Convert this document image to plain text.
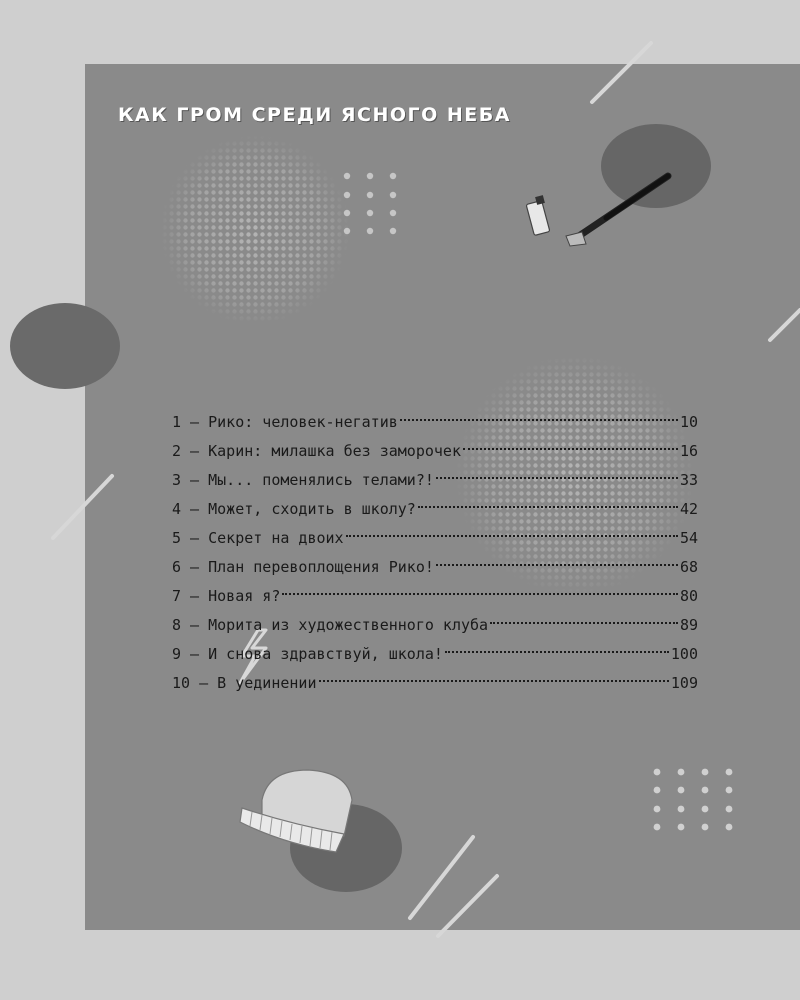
КАК ГРОМ СРЕДИ ЯСНОГО НЕБА
1 – Рико: человек-негатив	10
2 – Карин: милашка без заморочек	16
3 – Мы... поменялись телами?!	33
4 – Может, сходить в школу?	42
5 – Секрет на двоих	54
6 – План перевоплощения Рико!	68
7 – Новая я?	80
8 – Морита из художественного клуба	89
9 – И снова здравствуй, школа!	100
10 – В уединении	109
